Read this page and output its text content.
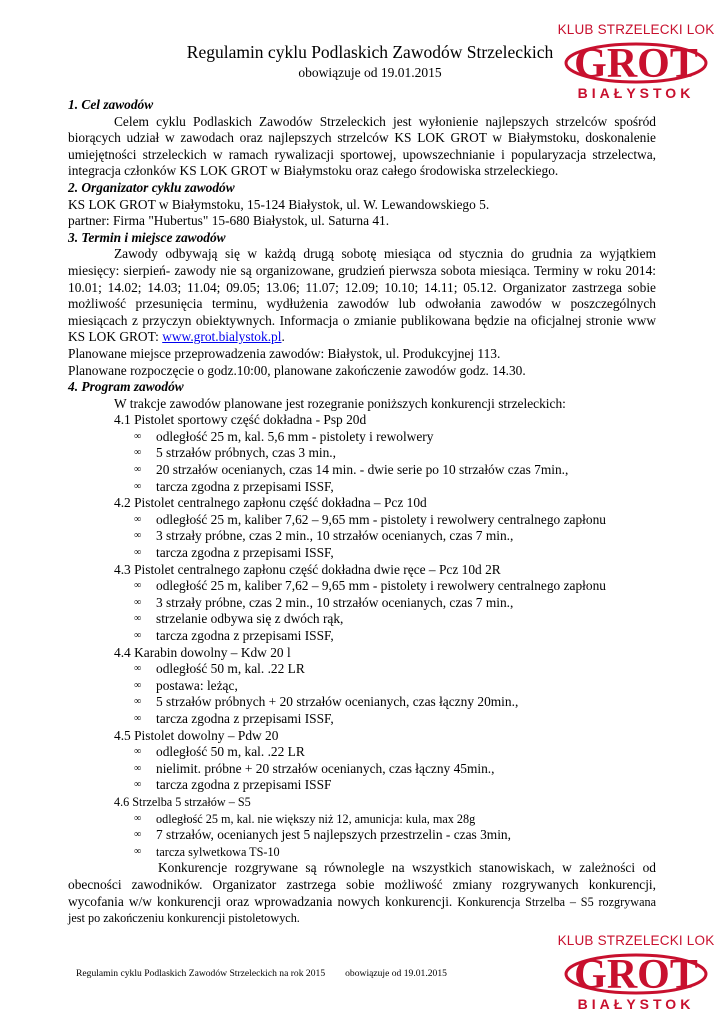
KLUB STRZELECKI LOK
GROT
BIAŁYSTOK
Regulamin cyklu Podlaskich Zawodów Strzeleckich
obowiązuje od 19.01.2015

1. Cel zawodów

Celem cyklu Podlaskich Zawodów Strzeleckich jest wyłonienie najlepszych strzelców spośród biorących udział w zawodach oraz najlepszych strzelców KS LOK GROT w Białymstoku, doskonalenie umiejętności strzeleckich w ramach rywalizacji sportowej, upowszechnianie i popularyzacja strzelectwa, integracja członków KS LOK GROT w Białymstoku oraz całego środowiska strzeleckiego.

2. Organizator cyklu zawodów

KS LOK GROT w Białymstoku, 15-124 Białystok, ul. W. Lewandowskiego 5.

partner: Firma "Hubertus" 15-680 Białystok, ul. Saturna 41.

3. Termin i miejsce zawodów

Zawody odbywają się w każdą drugą sobotę miesiąca od stycznia do grudnia za wyjątkiem miesięcy: sierpień- zawody nie są organizowane, grudzień pierwsza sobota miesiąca. Terminy w roku 2014: 10.01; 14.02; 14.03; 11.04; 09.05; 13.06; 11.07; 12.09; 10.10; 14.11; 05.12. Organizator zastrzega sobie możliwość przesunięcia terminu, wydłużenia zawodów lub odwołania zawodów w poszczególnych miesiącach z przyczyn obiektywnych. Informacja o zmianie publikowana będzie na oficjalnej stronie www KS LOK GROT: www.grot.bialystok.pl.

Planowane miejsce przeprowadzenia zawodów: Białystok, ul. Produkcyjnej 113.

Planowane rozpoczęcie o godz.10:00, planowane zakończenie zawodów godz. 14.30.

4. Program zawodów

W trakcje zawodów planowane jest rozegranie poniższych konkurencji strzeleckich:

4.1 Pistolet sportowy część dokładna - Psp 20d

∞ odległość 25 m, kal. 5,6 mm - pistolety i rewolwery
∞ 5 strzałów próbnych, czas 3 min.,
∞ 20 strzałów ocenianych, czas 14 min. - dwie serie po 10 strzałów czas 7min.,
∞ tarcza zgodna z przepisami ISSF,

4.2 Pistolet centralnego zapłonu część dokładna – Pcz 10d

∞ odległość 25 m, kaliber 7,62 – 9,65 mm - pistolety i rewolwery centralnego zapłonu
∞ 3 strzały próbne, czas 2 min., 10 strzałów ocenianych, czas 7 min.,
∞ tarcza zgodna z przepisami ISSF,

4.3 Pistolet centralnego zapłonu część dokładna dwie ręce – Pcz 10d 2R

∞ odległość 25 m, kaliber 7,62 – 9,65 mm - pistolety i rewolwery centralnego zapłonu
∞ 3 strzały próbne, czas 2 min., 10 strzałów ocenianych, czas 7 min.,
∞ strzelanie odbywa się z dwóch rąk,
∞ tarcza zgodna z przepisami ISSF,

4.4 Karabin dowolny – Kdw 20 l

∞ odległość 50 m, kal. .22 LR
∞ postawa: leżąc,
∞ 5 strzałów próbnych + 20 strzałów ocenianych, czas łączny 20min.,
∞ tarcza zgodna z przepisami ISSF,

4.5 Pistolet dowolny – Pdw 20

∞ odległość 50 m, kal. .22 LR
∞ nielimit. próbne + 20 strzałów ocenianych, czas łączny 45min.,
∞ tarcza zgodna z przepisami ISSF

4.6 Strzelba 5 strzałów – S5

∞ odległość 25 m, kal. nie większy niż 12, amunicja: kula, max 28g
∞ 7 strzałów, ocenianych jest 5 najlepszych przestrzelin - czas 3min,
∞ tarcza sylwetkowa TS-10

Konkurencje rozgrywane są równolegle na wszystkich stanowiskach, w zależności od obecności zawodników. Organizator zastrzega sobie możliwość zmiany rozgrywanych konkurencji, wycofania w/w konkurencji oraz wprowadzania nowych konkurencji. Konkurencja Strzelba – S5 rozgrywana jest po zakończeniu konkurencji pistoletowych.

KLUB STRZELECKI LOK
GROT
BIAŁYSTOK
Regulamin cyklu Podlaskich Zawodów Strzeleckich na rok 2015 obowiązuje od 19.01.2015
